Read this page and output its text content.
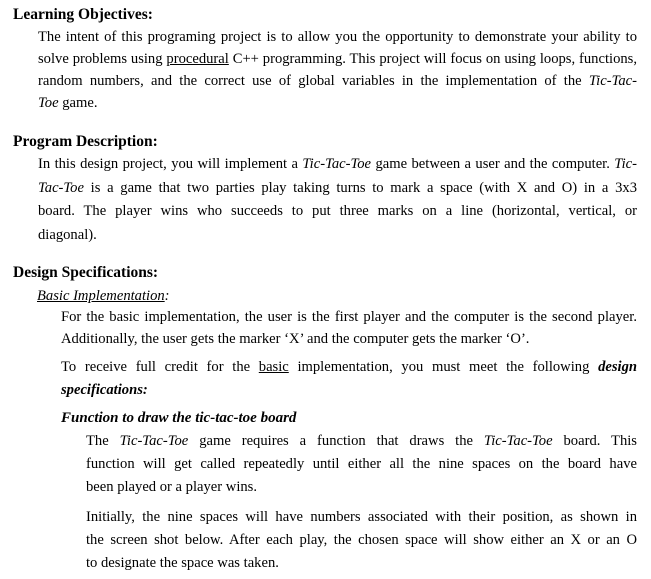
Learning Objectives:
The intent of this programing project is to allow you the opportunity to demonstrate your ability to
solve problems using procedural C++ programming. This project will focus on using loops, functions,
random numbers, and the correct use of global variables in the implementation of the Tic-Tac-
Toe game.
Program Description:
In this design project, you will implement a Tic-Tac-Toe game between a user and the computer. Tic-
Tac-Toe is a game that two parties play taking turns to mark a space (with X and O) in a 3x3
board. The player wins who succeeds to put three marks on a line (horizontal, vertical, or
diagonal).
Design Specifications:
Basic Implementation:
For the basic implementation, the user is the first player and the computer is the second player.
Additionally, the user gets the marker ‘X’ and the computer gets the marker ‘O’.
To receive full credit for the basic implementation, you must meet the following design
specifications:
Function to draw the tic-tac-toe board
The Tic-Tac-Toe game requires a function that draws the Tic-Tac-Toe board. This
function will get called repeatedly until either all the nine spaces on the board have
been played or a player wins.
Initially, the nine spaces will have numbers associated with their position, as shown in
the screen shot below. After each play, the chosen space will show either an X or an O
to designate the space was taken.
